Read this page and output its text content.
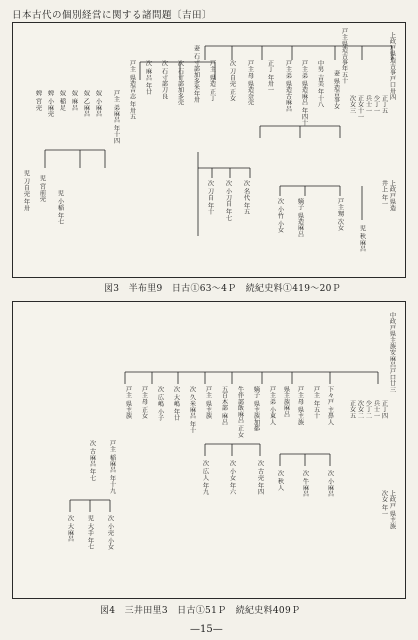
日本古代の個別経営に関する諸問題〔吉田〕
図3　半布里9　日古①63～4Ｐ　続紀史料①419～20Ｐ
図4　三井田里3　日古①51Ｐ　続紀史料409Ｐ
—15—
上政戸県造吉事戸口卅四
正丁五
少丁一
兵士一
正女十一
次女三
上政戸県造
井上 年一
戸主県造吉事年五十
妻 県造吉事女
中男 吉美 年十八
戸主弟 県造麻呂 年四十
戸主弟 県造古麻呂
正丁 年卅一
戸主母 県造奈売
次 刀自売 正女
戸主 県造 正丁
妻 石寸部加多米年卅
次 石寸部加多売
次 石寸部刀良
次 麻呂 年廿
戸主 県造吉志 年卅五
戸主 弟麻呂 年十四
奴 小麻呂
奴 乙麻呂
奴 麻呂
奴 稲足
婢 小麻売
婢 宮売
児 刀自売 年卅 児 宮前売
児 小稲 年七	次 刀自 年十 次 小刀自 年七 次 名代 年五
次 小竹 小女 嫡子 県造麻呂	戸主甥 次女
児 秋麻呂
中政戸県主族安麻呂戸口廿三
正丁四
兵士一
少丁二
次女二
正女五
下々戸 主鼻人
戸主 年五十
戸主母 県主族
県主族麻呂
戸主弟 小東人
嫡子 県主族加都
牛伴部飯麻呂 正女
五百木部 麻呂
戸主 県主族
次 久米麻呂 年十
次 大嶋 年廿
次 広嶋 小子
戸主母 正女
戸主 県主族
戸主 稲麻呂 年十九
次 古麻呂 年七
次 大麻呂 児 大手 年七 次 小売 小女
次 広人 年九	次 小女 年六	次 古売 年四 次 秋人	次 牛麻呂	次 小麻呂
上政戸 県主族
次女 年一
